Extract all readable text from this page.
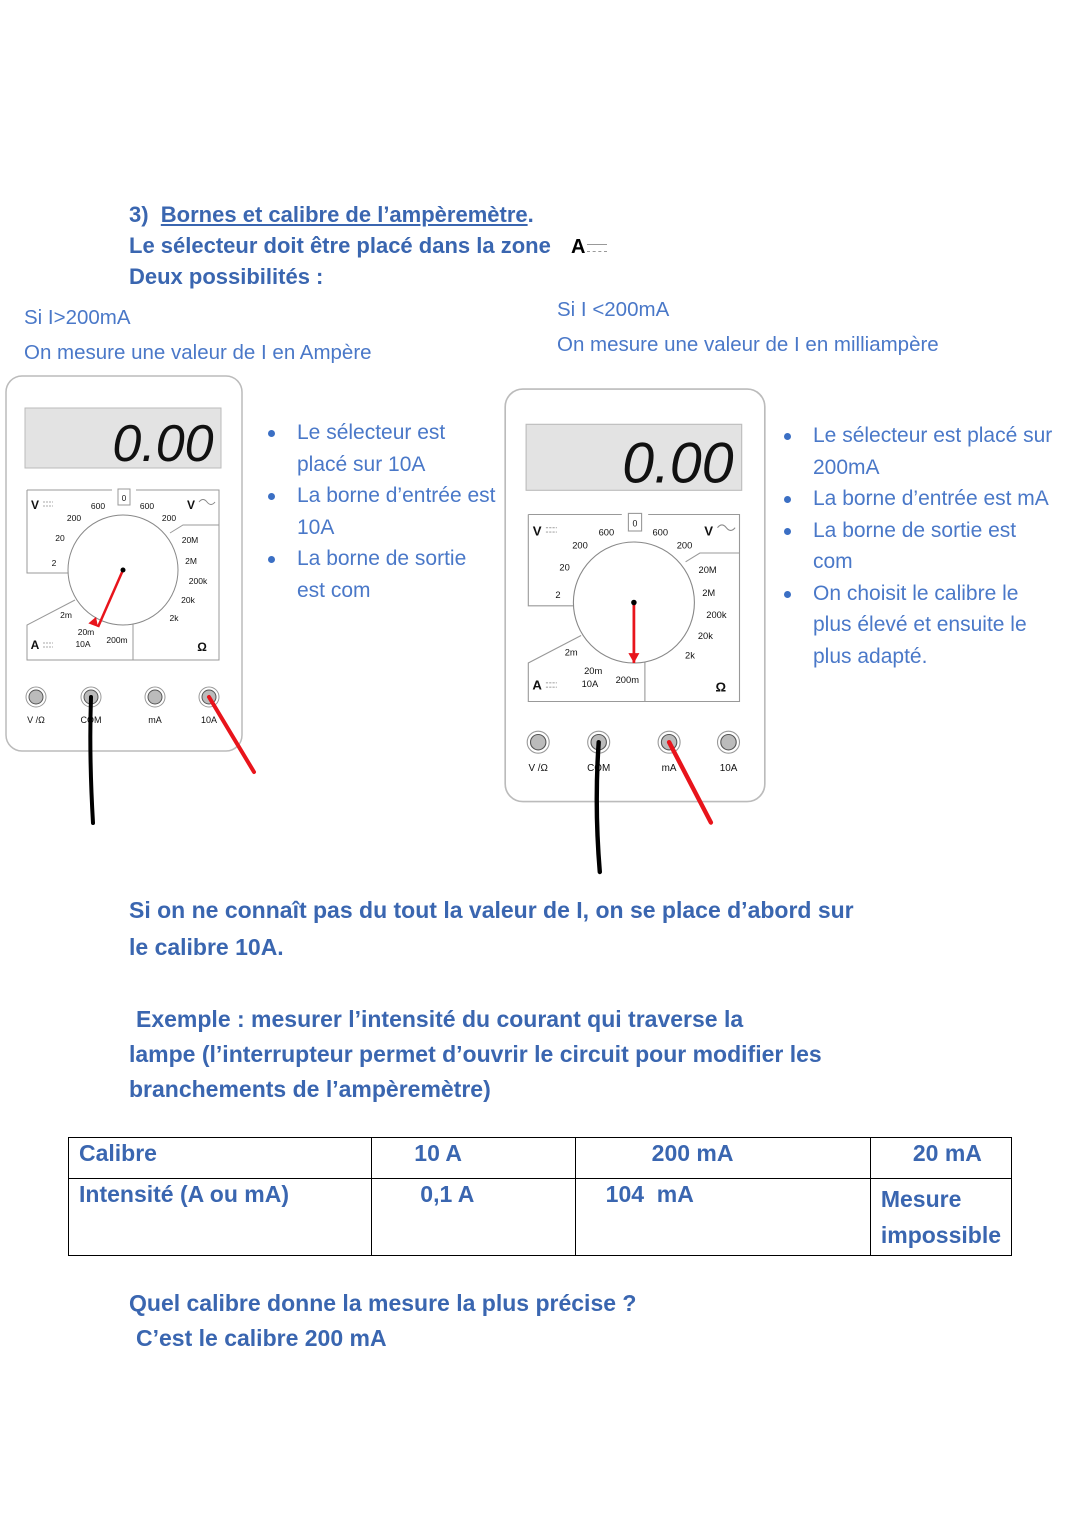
3) Bornes et calibre de l’ampèremètre.
Le sélecteur doit être placé dans la zone A
Deux possibilités :
Si I>200mA
On mesure une valeur de I en Ampère
Si I <200mA
On mesure une valeur de I en milliampère
0.00
V	0
600	600	V
200	200
20	20M
2	2M
200k
20k
2k
2m
20m
10A 200m
A	Ω
V /Ω	COM	mA	10A
0.00
V	0
600	600	V
200	200
20	20M
2	2M
200k
20k
2k
2m
20m
10A 200m
A	Ω
V /Ω	COM	mA	10A
Le sélecteur est placé sur 10A
La borne d’entrée est 10A
La borne de sortie est com
Le sélecteur est placé sur 200mA
La borne d’entrée est mA
La borne de sortie est com
On choisit le calibre le plus élevé et ensuite le plus adapté.
Si on ne connaît pas du tout la valeur de I, on se place d’abord sur
le calibre 10A.
Exemple : mesurer l’intensité du courant qui traverse la
lampe (l’interrupteur permet d’ouvrir le circuit pour modifier les
branchements de l’ampèremètre)
Calibre	10 A	200 mA	20 mA
Intensité (A ou mA)	0,1 A	104  mA	Mesure impossible
Quel calibre donne la mesure la plus précise ?
C’est le calibre 200 mA
